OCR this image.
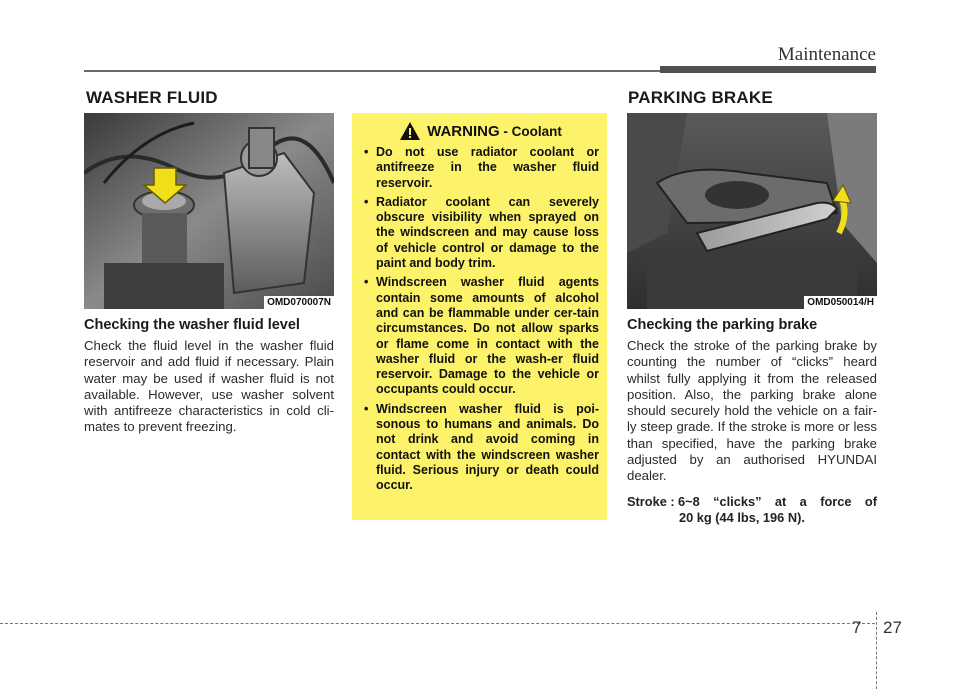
Maintenance
WASHER FLUID
OMD070007N
Checking the washer fluid level
Check the fluid level in the washer fluid reservoir and add fluid if necessary. Plain water may be used if washer fluid is not available. However, use washer solvent with antifreeze characteristics in cold cli-mates to prevent freezing.
WARNING - Coolant
• Do not use radiator coolant or antifreeze in the washer fluid reservoir.
• Radiator coolant can severely obscure visibility when sprayed on the windscreen and may cause loss of vehicle control or damage to the paint and body trim.
• Windscreen washer fluid agents contain some amounts of alcohol and can be flammable under cer-tain circumstances. Do not allow sparks or flame come in contact with the washer fluid or the wash-er fluid reservoir. Damage to the vehicle or occupants could occur.
• Windscreen washer fluid is poi-sonous to humans and animals. Do not drink and avoid coming in contact with the windscreen washer fluid. Serious injury or death could occur.
PARKING BRAKE
OMD050014/H
Checking the parking brake
Check the stroke of the parking brake by counting the number of “clicks” heard whilst fully applying it from the released position. Also, the parking brake alone should securely hold the vehicle on a fair-ly steep grade. If the stroke is more or less than specified, have the parking brake adjusted by an authorised HYUNDAI dealer.
Stroke : 6~8 “clicks” at a force of
20 kg (44 lbs, 196 N).
7 27
